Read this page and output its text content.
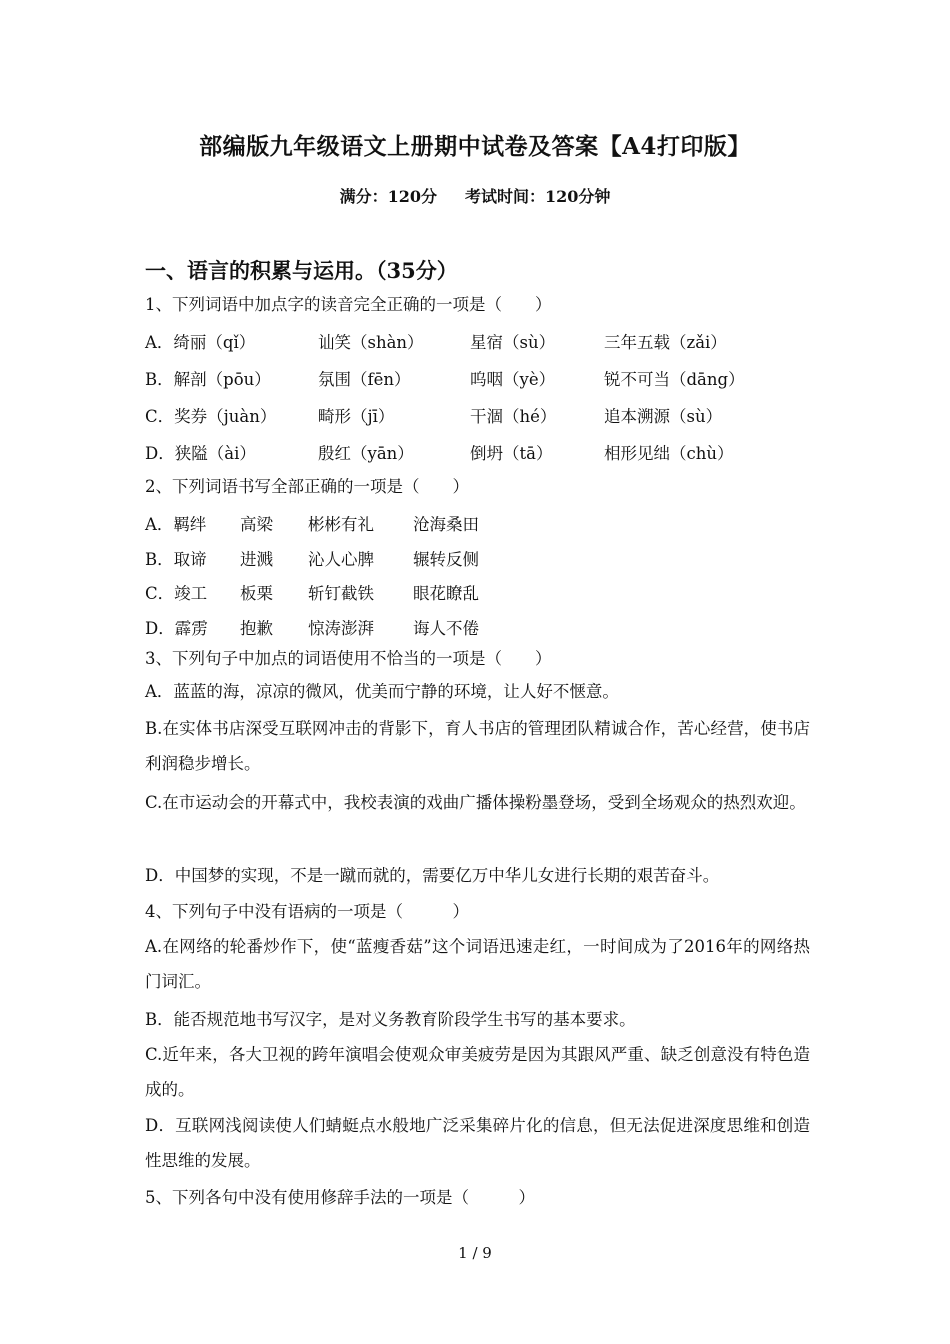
部编版九年级语文上册期中试卷及答案【A4打印版】
满分：120分 考试时间：120分钟
一、语言的积累与运用。（35分）
1、下列词语中加点字的读音完全正确的一项是（　　）
A．绮丽（qǐ）	讪笑（shàn）	星宿（sù）	三年五载（zǎi）
B．解剖（pōu）	氛围（fēn）	呜咽（yè）	锐不可当（dāng）
C．奖券（juàn）	畸形（jī）	干涸（hé）	追本溯源（sù）
D．狭隘（ài）	殷红（yān）	倒坍（tā）	相形见绌（chù）
2、下列词语书写全部正确的一项是（　　）
A．羁绊 高梁 彬彬有礼 沧海桑田
B．取谛 进溅 沁人心脾 辗转反侧
C．竣工 板栗 斩钉截铁 眼花瞭乱
D．霹雳 抱歉 惊涛澎湃 诲人不倦
3、下列句子中加点的词语使用不恰当的一项是（　　）
A．蓝蓝的海，凉凉的微风，优美而宁静的环境，让人好不惬意。
B.在实体书店深受互联网冲击的背影下，育人书店的管理团队精诚合作，苦心经营，使书店利润稳步增长。
C.在市运动会的开幕式中，我校表演的戏曲广播体操粉墨登场，受到全场观众的热烈欢迎。
D．中国梦的实现，不是一蹴而就的，需要亿万中华儿女进行长期的艰苦奋斗。
4、下列句子中没有语病的一项是（　　　）
A.在网络的轮番炒作下，使“蓝瘦香菇”这个词语迅速走红，一时间成为了2016年的网络热门词汇。
B．能否规范地书写汉字，是对义务教育阶段学生书写的基本要求。
C.近年来，各大卫视的跨年演唱会使观众审美疲劳是因为其跟风严重、缺乏创意没有特色造成的。
D．互联网浅阅读使人们蜻蜓点水般地广泛采集碎片化的信息，但无法促进深度思维和创造性思维的发展。
5、下列各句中没有使用修辞手法的一项是（　　　）
1 / 9
